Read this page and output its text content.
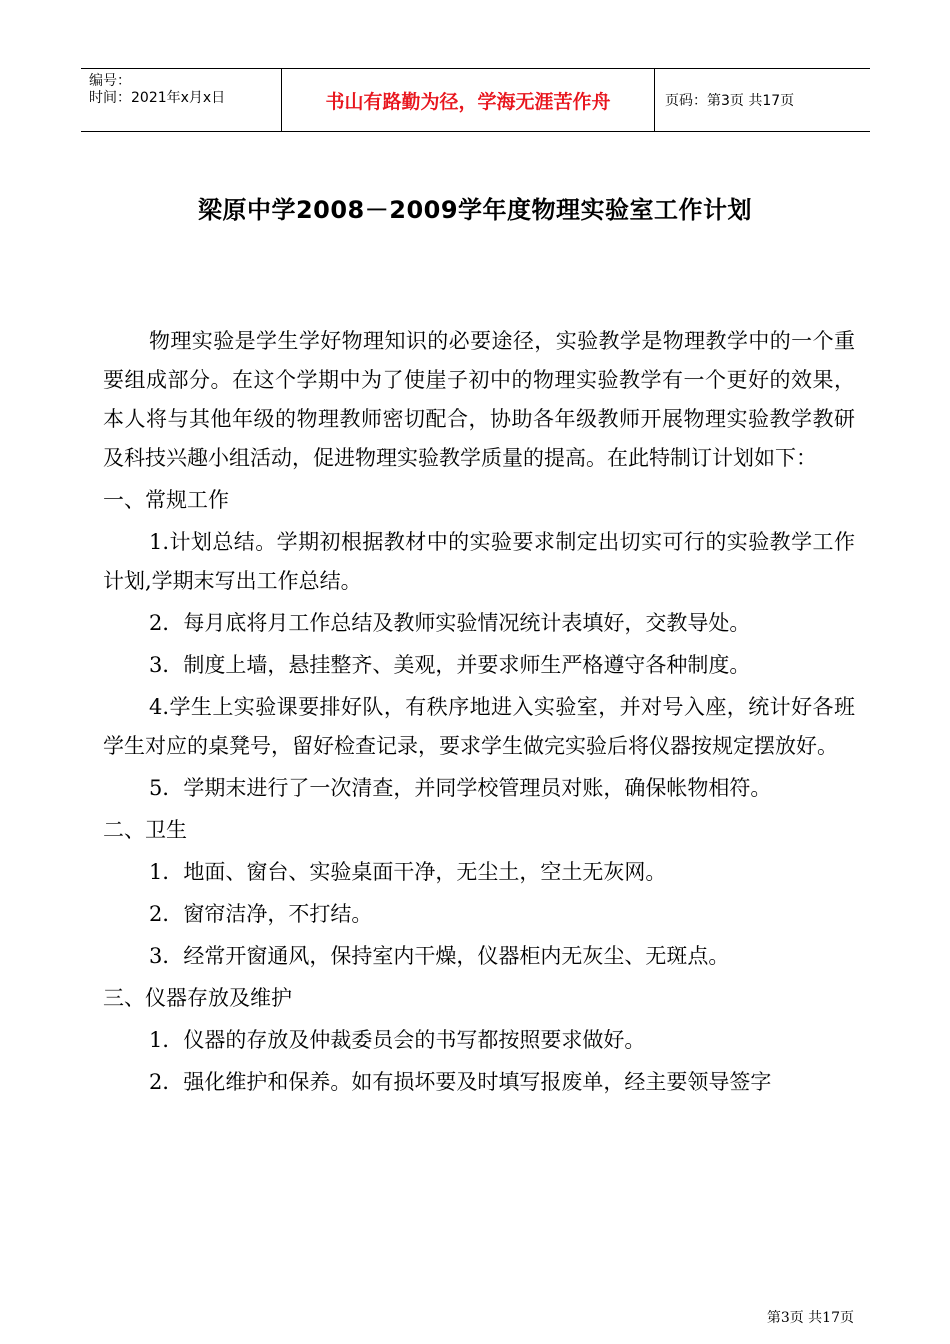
编号：
时间：2021年x月x日	书山有路勤为径，学海无涯苦作舟	页码：第3页 共17页
梁原中学2008－2009学年度物理实验室工作计划

物理实验是学生学好物理知识的必要途径，实验教学是物理教学中的一个重要组成部分。在这个学期中为了使崖子初中的物理实验教学有一个更好的效果，本人将与其他年级的物理教师密切配合，协助各年级教师开展物理实验教学教研及科技兴趣小组活动，促进物理实验教学质量的提高。在此特制订计划如下：

一、常规工作

1.计划总结。学期初根据教材中的实验要求制定出切实可行的实验教学工作计划,学期末写出工作总结。

2．每月底将月工作总结及教师实验情况统计表填好，交教导处。

3．制度上墙，悬挂整齐、美观，并要求师生严格遵守各种制度。

4.学生上实验课要排好队，有秩序地进入实验室，并对号入座，统计好各班学生对应的桌凳号，留好检查记录，要求学生做完实验后将仪器按规定摆放好。

5．学期末进行了一次清查，并同学校管理员对账，确保帐物相符。

二、卫生

1．地面、窗台、实验桌面干净，无尘土，空土无灰网。

2．窗帘洁净，不打结。

3．经常开窗通风，保持室内干燥，仪器柜内无灰尘、无斑点。

三、仪器存放及维护

1．仪器的存放及仲裁委员会的书写都按照要求做好。

2．强化维护和保养。如有损坏要及时填写报废单，经主要领导签字

第3页 共17页
